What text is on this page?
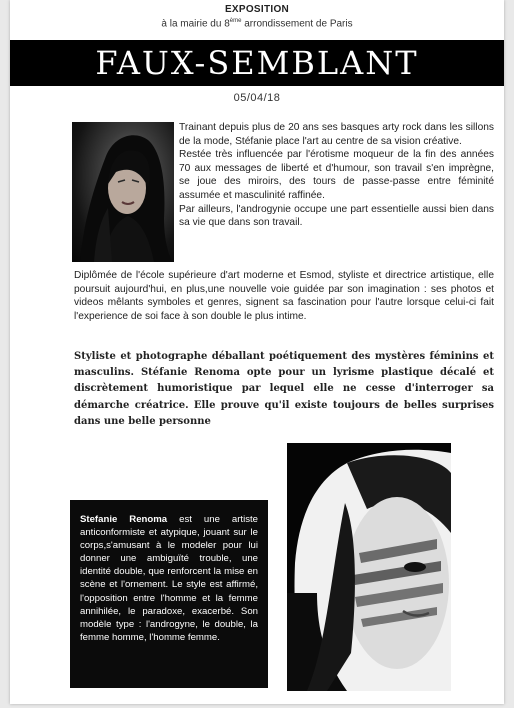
EXPOSITION
à la mairie du 8ème arrondissement de Paris
FAUX-SEMBLANT
05/04/18
Trainant depuis plus de 20 ans ses basques arty rock dans les sillons de la mode, Stéfanie place l'art au centre de sa vision créative.
Restée très influencée par l'érotisme moqueur de la fin des années 70 aux messages de liberté et d'humour, son travail s'en imprègne, se joue des miroirs, des tours de passe-passe entre féminité assumée et masculinité raffinée.
Par ailleurs, l'androgynie occupe une part essentielle aussi bien dans sa vie que dans son travail.

Diplômée de l'école supérieure d'art moderne et Esmod, styliste et directrice artistique, elle poursuit aujourd'hui, en plus,une nouvelle voie guidée par son imagination : ses photos et videos mêlants symboles et genres, signent sa fascination pour l'autre lorsque celui-ci fait l'experience de soi face à son double le plus intime.

Styliste et photographe déballant poétiquement des mystères féminins et masculins. Stéfanie Renoma opte pour un lyrisme plastique décalé et discrètement humoristique par lequel elle ne cesse d'interroger sa démarche créatrice. Elle prouve qu'il existe toujours de belles surprises dans une belle personne

Stefanie Renoma est une artiste anticonformiste et atypique, jouant sur le corps,s'amusant à le modeler pour lui donner une ambiguïté trouble, une identité double, que renforcent la mise en scène et l'ornement. Le style est affirmé, l'opposition entre l'homme et la femme annihilée, le paradoxe, exacerbé. Son modèle type : l'androgyne, le double, la femme homme, l'homme femme.
